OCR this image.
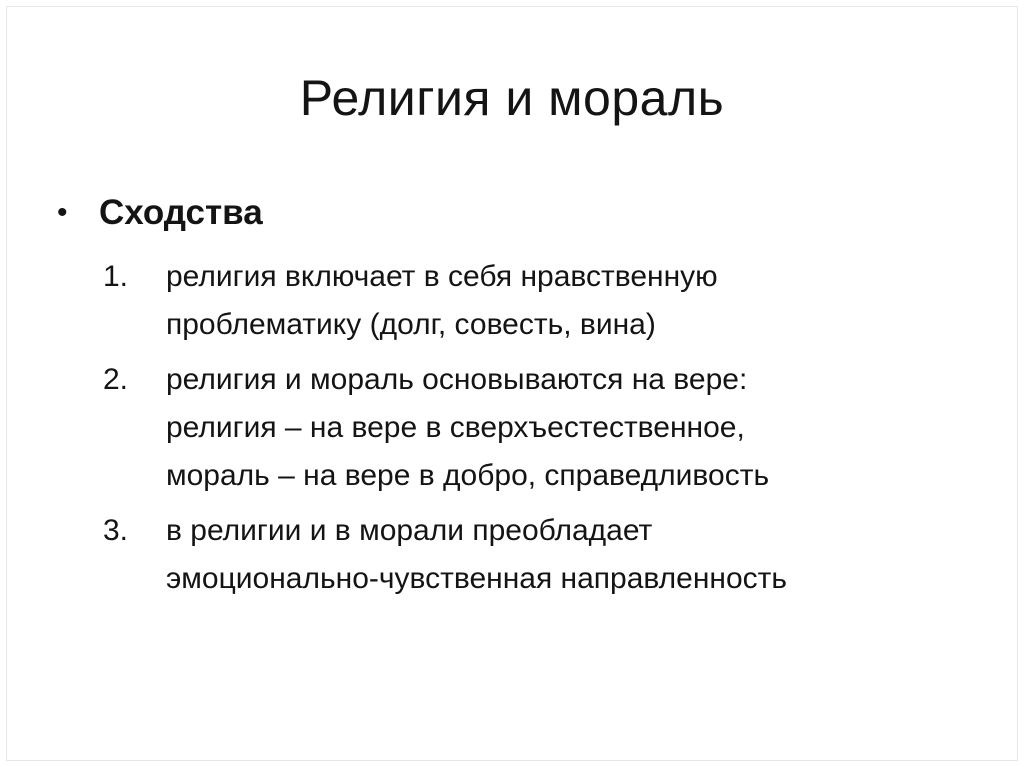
Религия и мораль
• Сходства
1.	религия включает в себя нравственную
проблематику (долг, совесть, вина)
2.	религия и мораль основываются на вере:
религия – на вере в сверхъестественное,
мораль – на вере в добро, справедливость
3.	в религии и в морали преобладает
эмоционально-чувственная направленность
